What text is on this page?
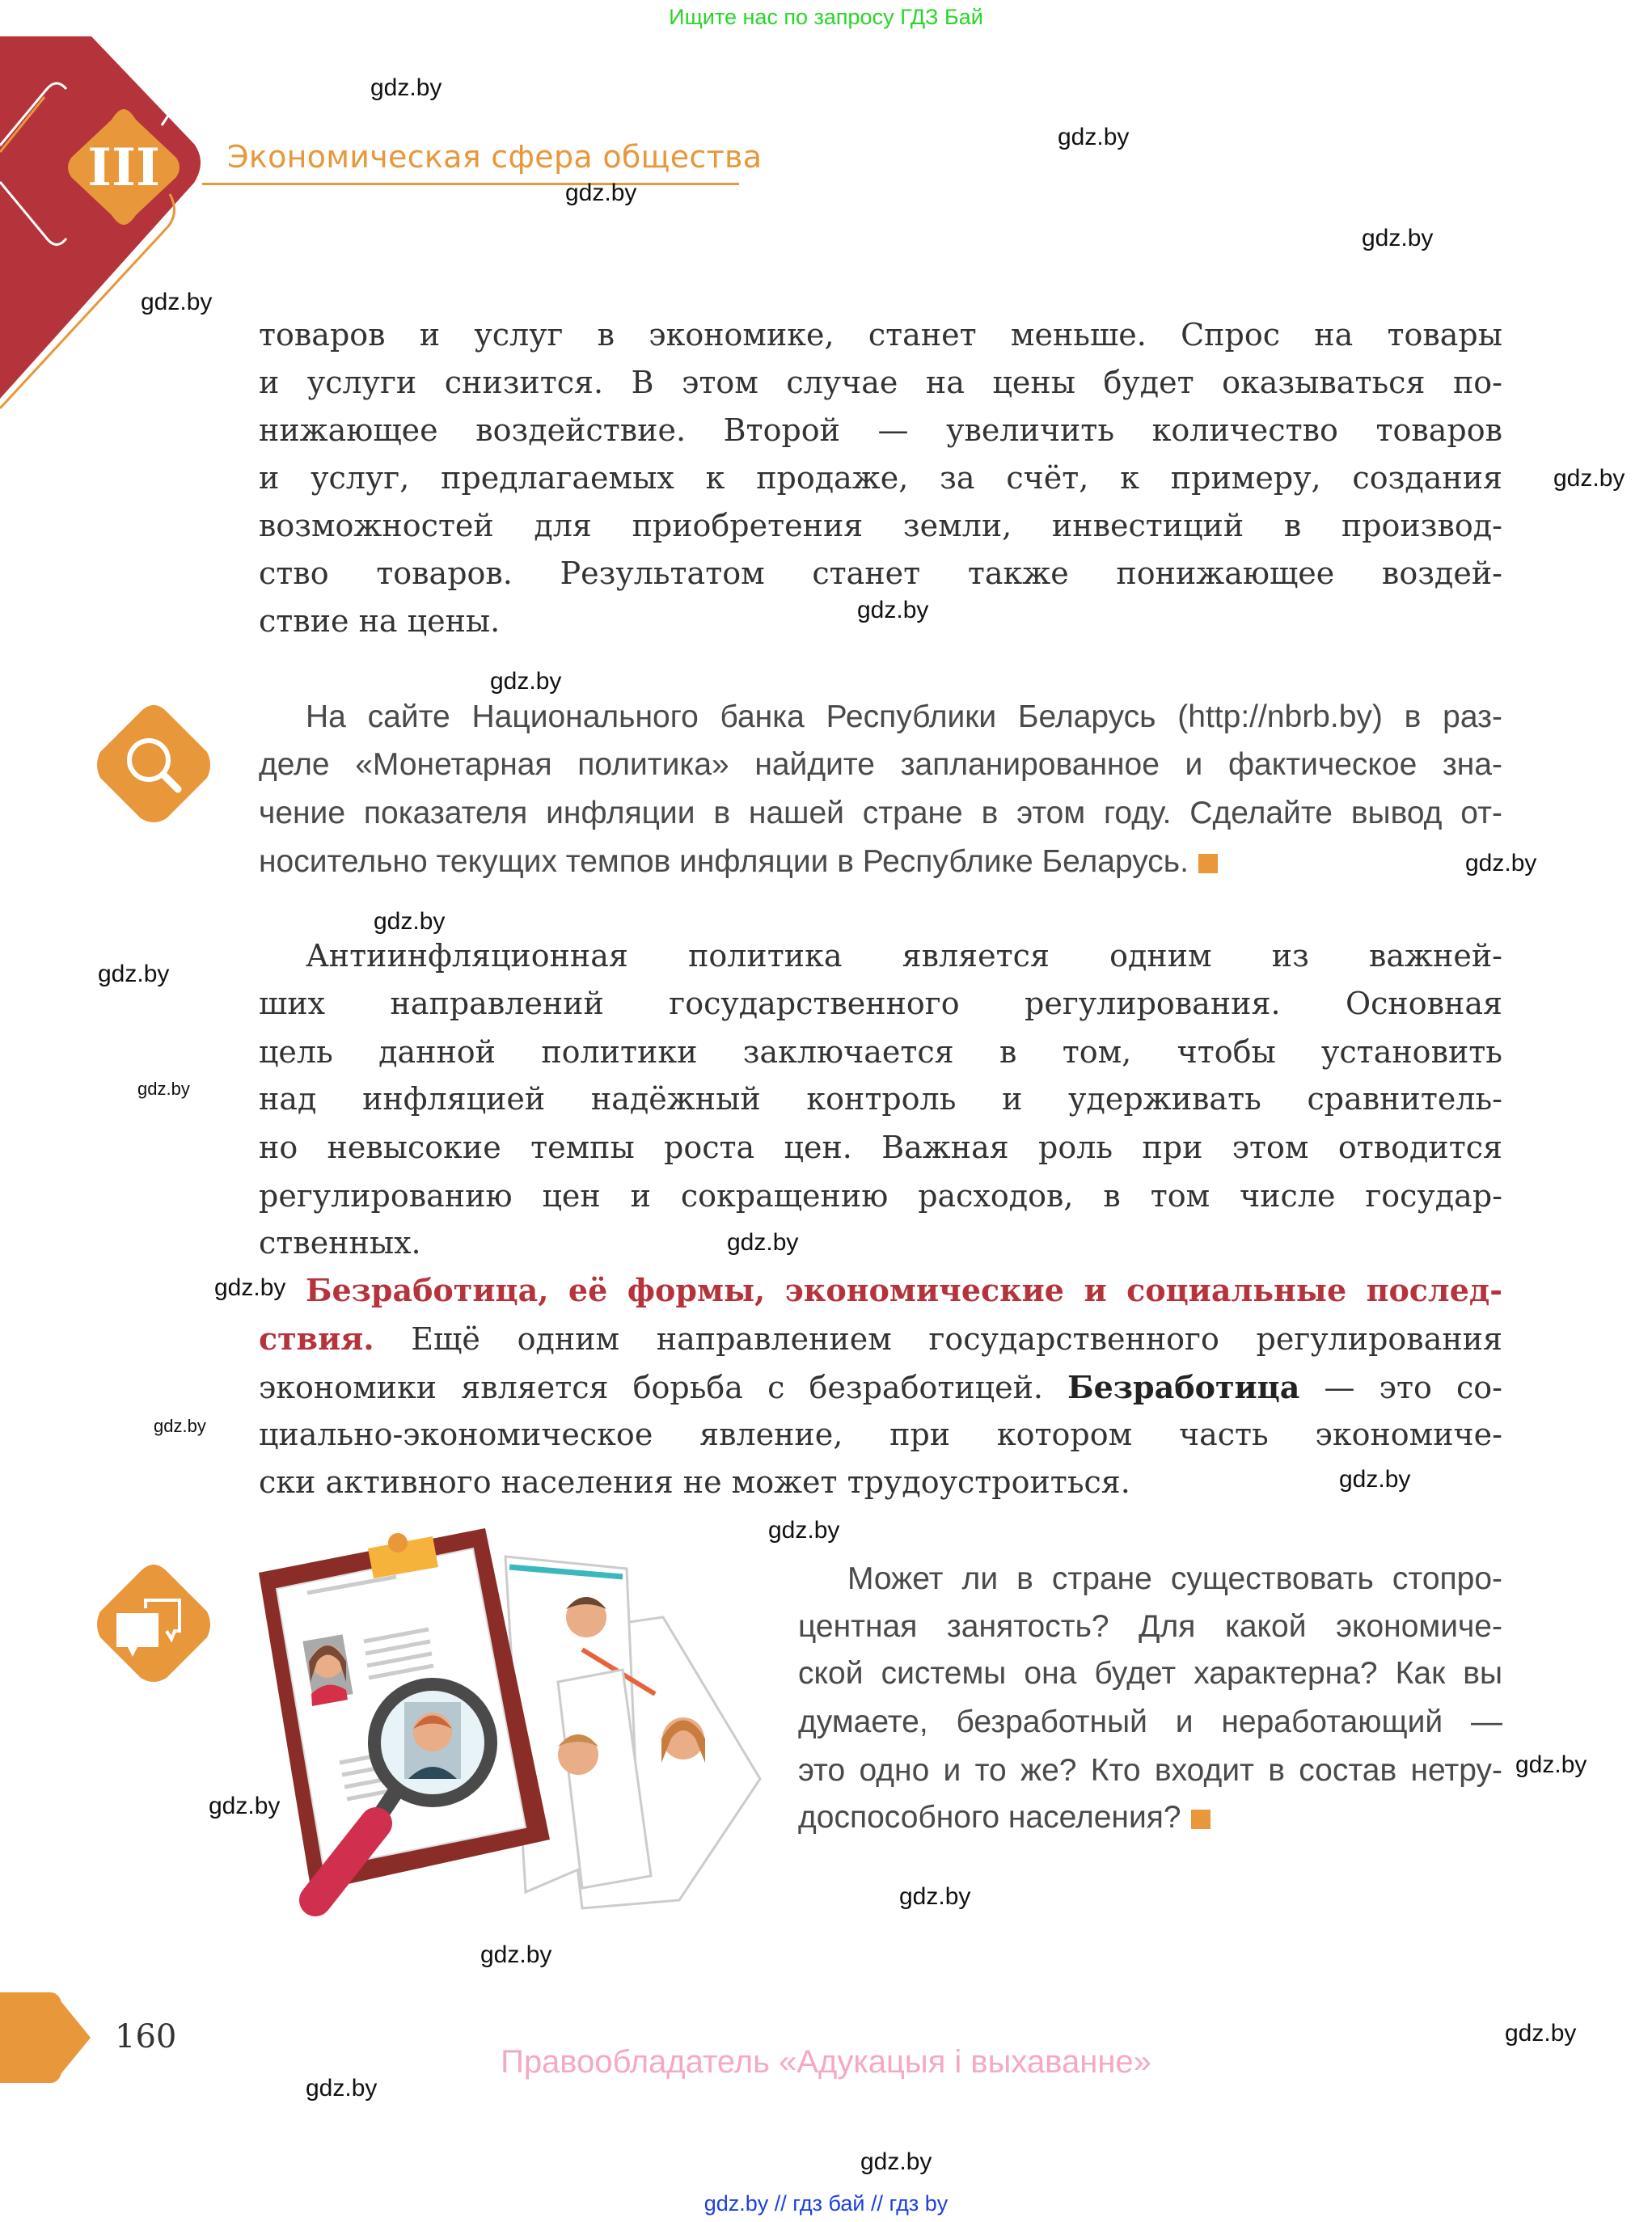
Ищите нас по запросу ГДЗ Бай
III	Экономическая сфера общества
товаров и услуг в экономике, станет меньше. Спрос на товары
и услуги снизится. В этом случае на цены будет оказываться по-
нижающее воздействие. Второй — увеличить количество товаров
и услуг, предлагаемых к продаже, за счёт, к примеру, создания
возможностей для приобретения земли, инвестиций в производ-
ство товаров. Результатом станет также понижающее воздей-
ствие на цены.
На сайте Национального банка Республики Беларусь (http://nbrb.by) в раз-
деле «Монетарная политика» найдите запланированное и фактическое зна-
чение показателя инфляции в нашей стране в этом году. Сделайте вывод от-
носительно текущих темпов инфляции в Республике Беларусь.
Антиинфляционная политика является одним из важней-
ших направлений государственного регулирования. Основная
цель данной политики заключается в том, чтобы установить
над инфляцией надёжный контроль и удерживать сравнитель-
но невысокие темпы роста цен. Важная роль при этом отводится
регулированию цен и сокращению расходов, в том числе государ-
ственных.
Безработица, её формы, экономические и социальные послед-
ствия. Ещё одним направлением государственного регулирования
экономики является борьба с безработицей. Безработица — это со-
циально-экономическое явление, при котором часть экономиче-
ски активного населения не может трудоустроиться.
Может ли в стране существовать стопро-
центная занятость? Для какой экономиче-
ской системы она будет характерна? Как вы
думаете, безработный и неработающий —
это одно и то же? Кто входит в состав нетру-
доспособного населения?
160
Правообладатель «Адукацыя і выхаванне»
gdz.by // гдз бай // гдз by
gdz.by
gdz.by
gdz.by
gdz.by
gdz.by
gdz.by
gdz.by
gdz.by
gdz.by
gdz.by
gdz.by
gdz.by
gdz.by
gdz.by
gdz.by
gdz.by
gdz.by
gdz.by
gdz.by
gdz.by
gdz.by
gdz.by
gdz.by
gdz.by
